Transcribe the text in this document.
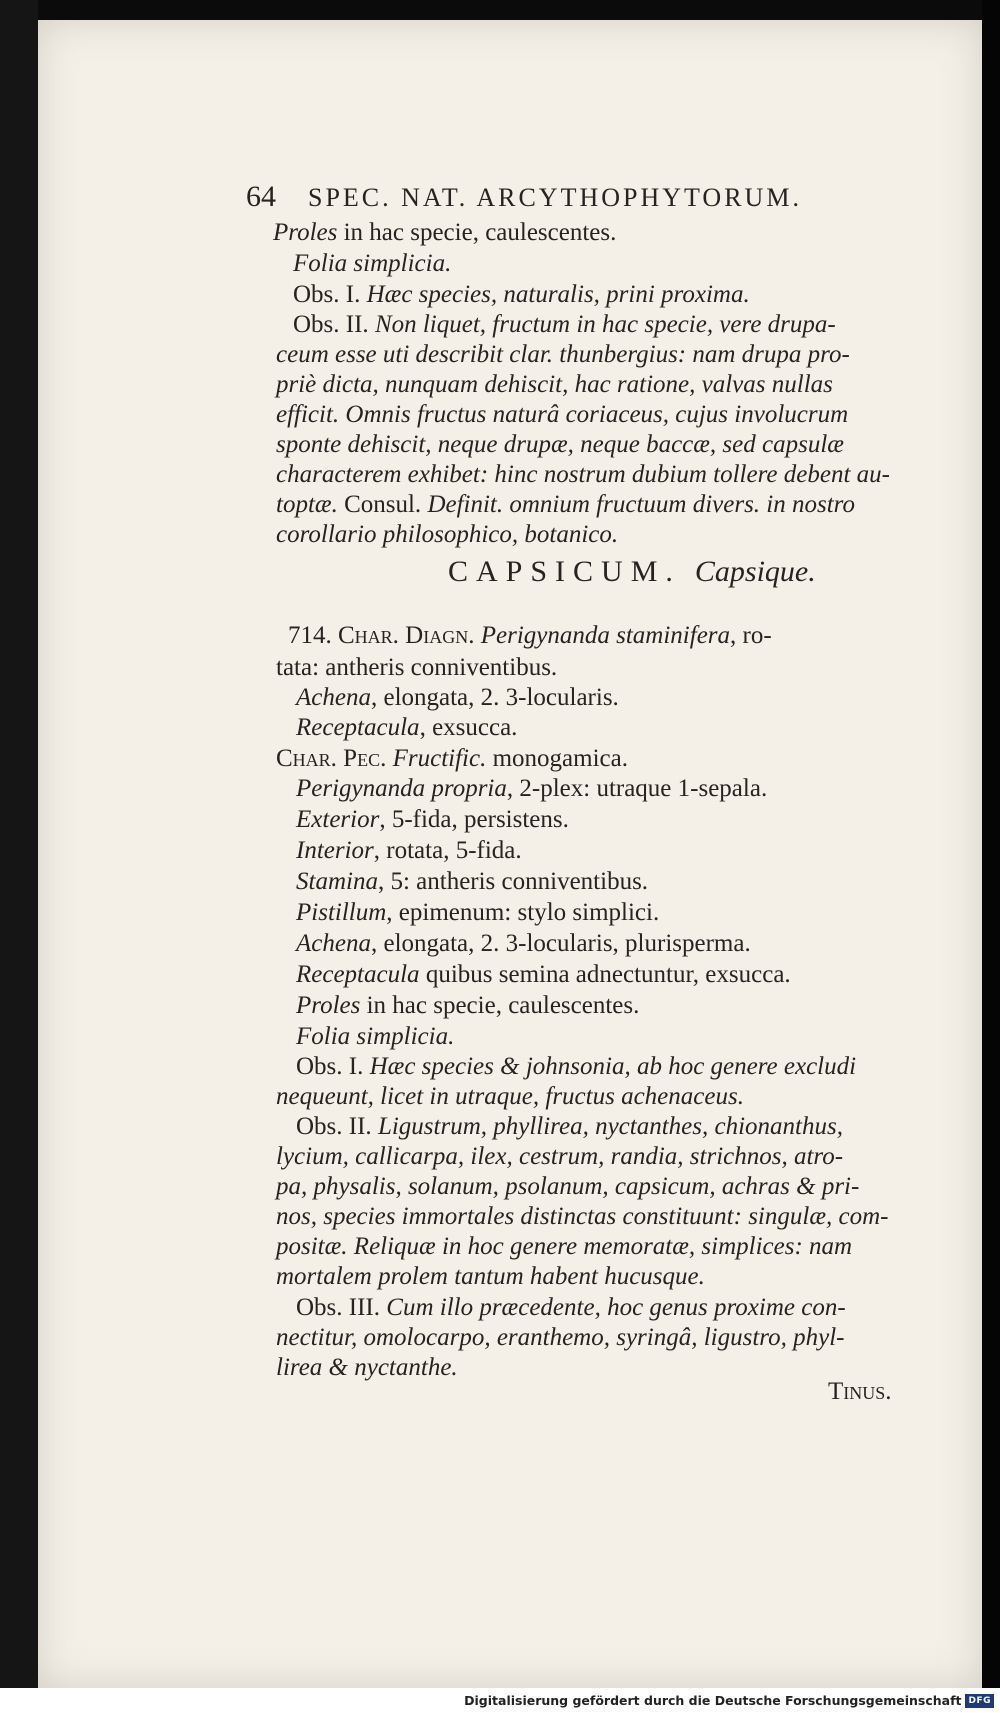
64 SPEC. NAT. ARCYTHOPHYTORUM.
Proles in hac specie, caulescentes.
Folia simplicia.
Obs. I. Hæc species, naturalis, prini proxima.
Obs. II. Non liquet, fructum in hac specie, vere drupa-
ceum esse uti describit clar. thunbergius: nam drupa pro-
priè dicta, nunquam dehiscit, hac ratione, valvas nullas
efficit. Omnis fructus naturâ coriaceus, cujus involucrum
sponte dehiscit, neque drupæ, neque baccæ, sed capsulæ
characterem exhibet: hinc nostrum dubium tollere debent au-
toptæ. Consul. Definit. omnium fructuum divers. in nostro
corollario philosophico, botanico.
CAPSICUM. Capsique.
714. Char. Diagn. Perigynanda staminifera, ro-
tata: antheris conniventibus.
Achena, elongata, 2. 3-locularis.
Receptacula, exsucca.
Char. Pec. Fructific. monogamica.
Perigynanda propria, 2-plex: utraque 1-sepala.
Exterior, 5-fida, persistens.
Interior, rotata, 5-fida.
Stamina, 5: antheris conniventibus.
Pistillum, epimenum: stylo simplici.
Achena, elongata, 2. 3-locularis, plurisperma.
Receptacula quibus semina adnectuntur, exsucca.
Proles in hac specie, caulescentes.
Folia simplicia.
Obs. I. Hæc species & johnsonia, ab hoc genere excludi
nequeunt, licet in utraque, fructus achenaceus.
Obs. II. Ligustrum, phyllirea, nyctanthes, chionanthus,
lycium, callicarpa, ilex, cestrum, randia, strichnos, atro-
pa, physalis, solanum, psolanum, capsicum, achras & pri-
nos, species immortales distinctas constituunt: singulæ, com-
positæ. Reliquæ in hoc genere memoratæ, simplices: nam
mortalem prolem tantum habent hucusque.
Obs. III. Cum illo præcedente, hoc genus proxime con-
nectitur, omolocarpo, eranthemo, syringâ, ligustro, phyl-
lirea & nyctanthe.
Tinus.
Digitalisierung gefördert durch die Deutsche Forschungsgemeinschaft DFG
